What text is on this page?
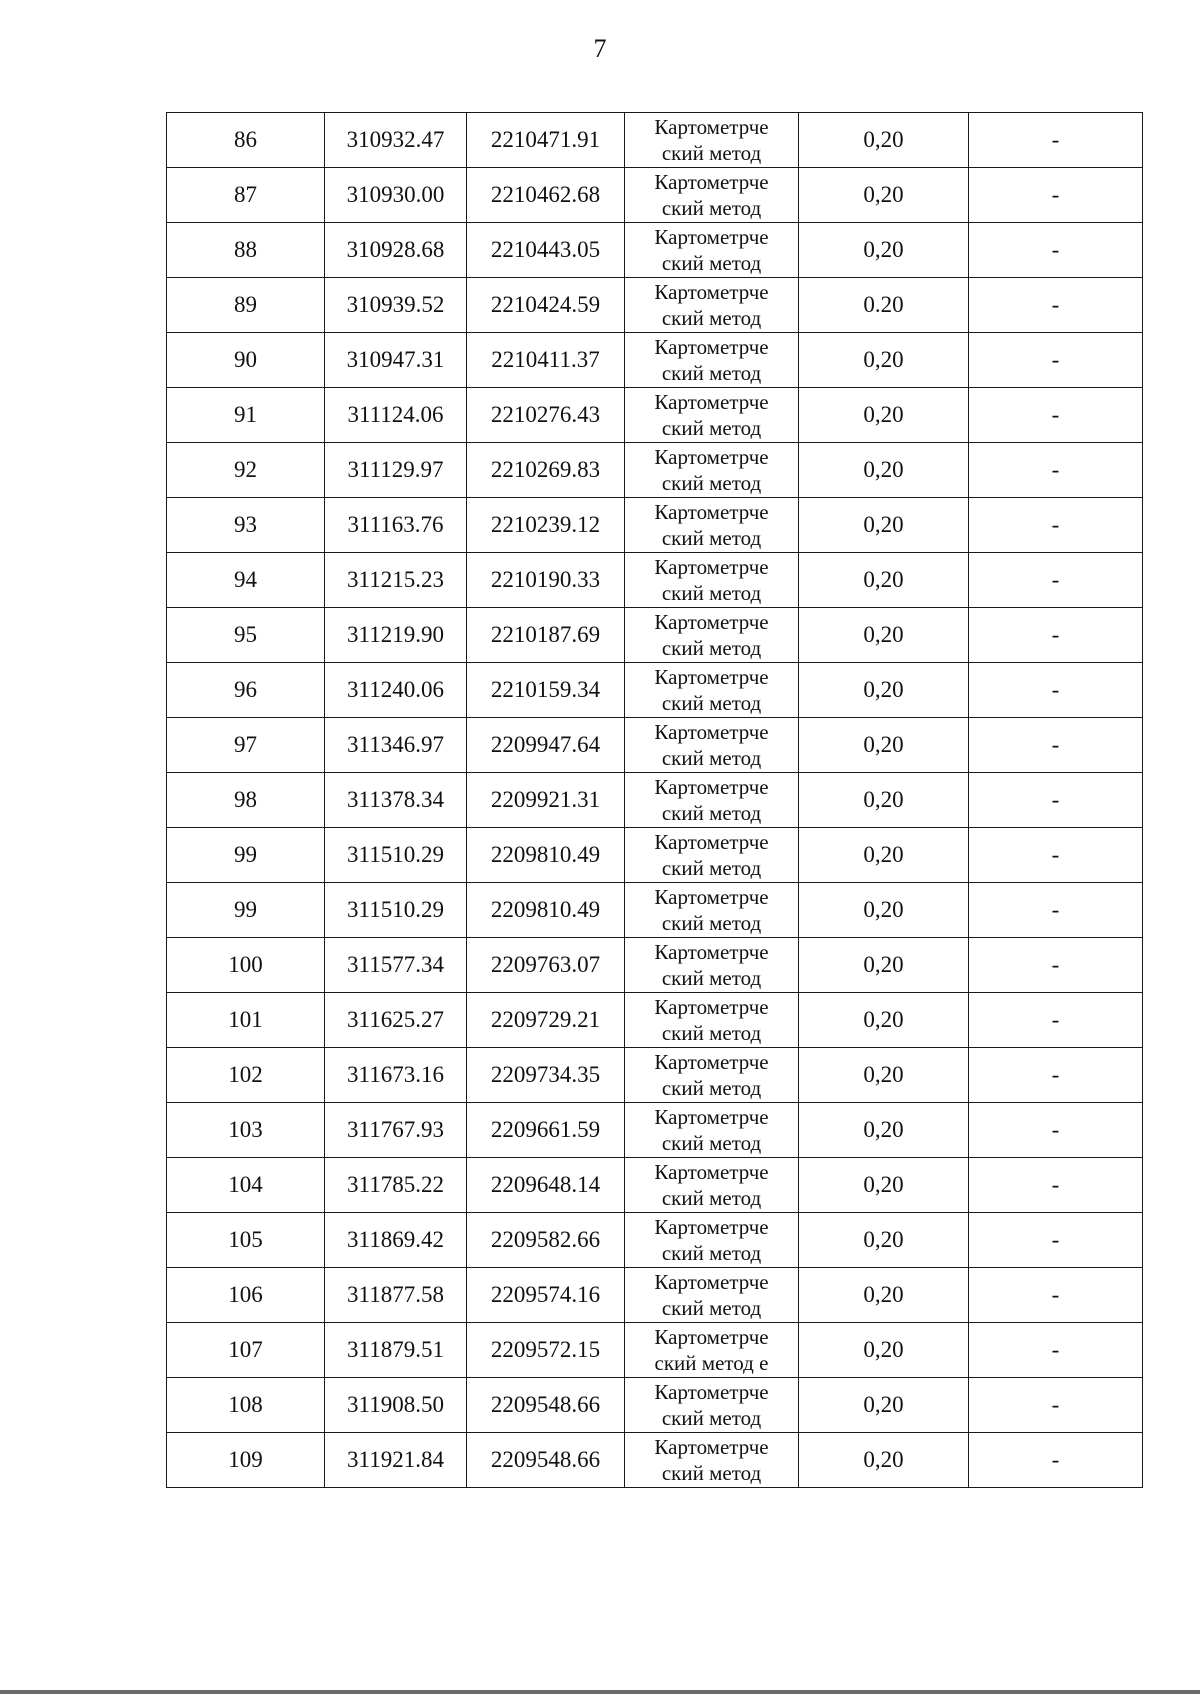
7
86	310932.47	2210471.91	Картометрче ский метод	0,20	-
87	310930.00	2210462.68	Картометрче ский метод	0,20	-
88	310928.68	2210443.05	Картометрче ский метод	0,20	-
89	310939.52	2210424.59	Картометрче ский метод	0.20	-
90	310947.31	2210411.37	Картометрче ский метод	0,20	-
91	311124.06	2210276.43	Картометрче ский метод	0,20	-
92	311129.97	2210269.83	Картометрче ский метод	0,20	-
93	311163.76	2210239.12	Картометрче ский метод	0,20	-
94	311215.23	2210190.33	Картометрче ский метод	0,20	-
95	311219.90	2210187.69	Картометрче ский метод	0,20	-
96	311240.06	2210159.34	Картометрче ский метод	0,20	-
97	311346.97	2209947.64	Картометрче ский метод	0,20	-
98	311378.34	2209921.31	Картометрче ский метод	0,20	-
99	311510.29	2209810.49	Картометрче ский метод	0,20	-
99	311510.29	2209810.49	Картометрче ский метод	0,20	-
100	311577.34	2209763.07	Картометрче ский метод	0,20	-
101	311625.27	2209729.21	Картометрче ский метод	0,20	-
102	311673.16	2209734.35	Картометрче ский метод	0,20	-
103	311767.93	2209661.59	Картометрче ский метод	0,20	-
104	311785.22	2209648.14	Картометрче ский метод	0,20	-
105	311869.42	2209582.66	Картометрче ский метод	0,20	-
106	311877.58	2209574.16	Картометрче ский метод	0,20	-
107	311879.51	2209572.15	Картометрче ский метод е	0,20	-
108	311908.50	2209548.66	Картометрче ский метод	0,20	-
109	311921.84	2209548.66	Картометрче ский метод	0,20	-
